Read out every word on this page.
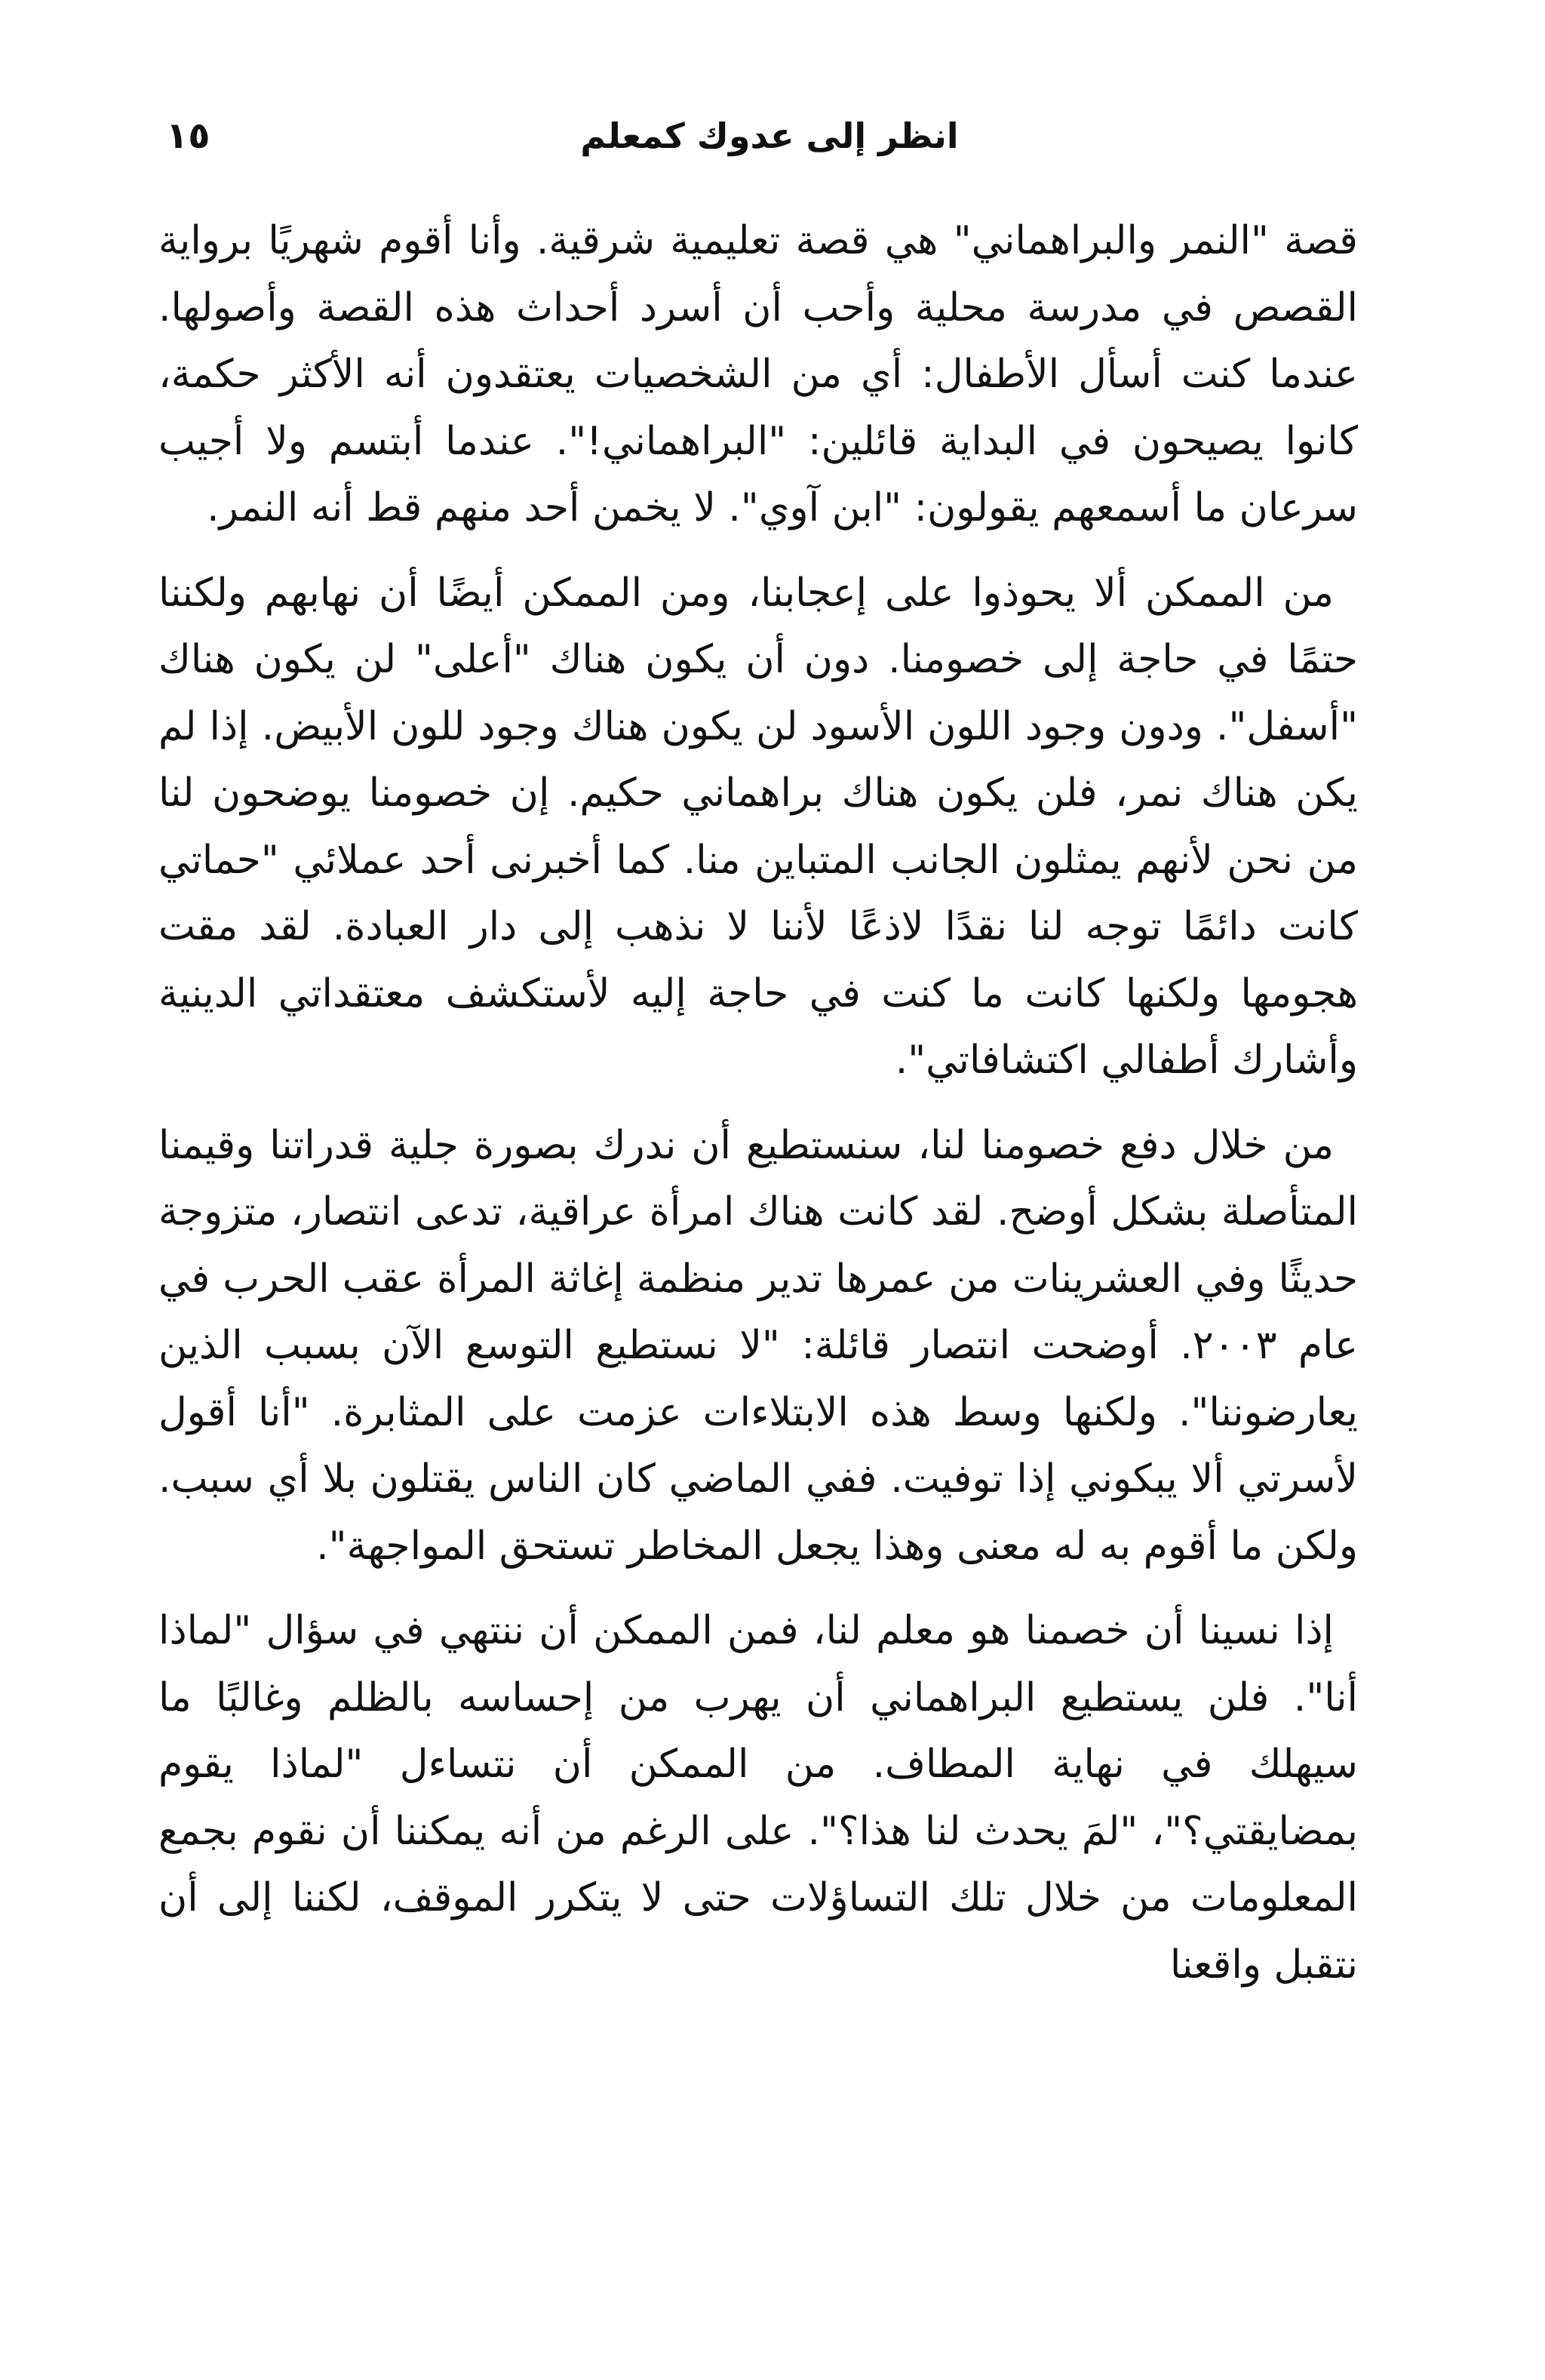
انظر إلى عدوك كمعلم
١٥

قصة "النمر والبراهماني" هي قصة تعليمية شرقية. وأنا أقوم شهريًا برواية القصص في مدرسة محلية وأحب أن أسرد أحداث هذه القصة وأصولها. عندما كنت أسأل الأطفال: أي من الشخصيات يعتقدون أنه الأكثر حكمة، كانوا يصيحون في البداية قائلين: "البراهماني!". عندما أبتسم ولا أجيب سرعان ما أسمعهم يقولون: "ابن آوي". لا يخمن أحد منهم قط أنه النمر.

من الممكن ألا يحوذوا على إعجابنا، ومن الممكن أيضًا أن نهابهم ولكننا حتمًا في حاجة إلى خصومنا. دون أن يكون هناك "أعلى" لن يكون هناك "أسفل". ودون وجود اللون الأسود لن يكون هناك وجود للون الأبيض. إذا لم يكن هناك نمر، فلن يكون هناك براهماني حكيم. إن خصومنا يوضحون لنا من نحن لأنهم يمثلون الجانب المتباين منا. كما أخبرنى أحد عملائي "حماتي كانت دائمًا توجه لنا نقدًا لاذعًا لأننا لا نذهب إلى دار العبادة. لقد مقت هجومها ولكنها كانت ما كنت في حاجة إليه لأستكشف معتقداتي الدينية وأشارك أطفالي اكتشافاتي".

من خلال دفع خصومنا لنا، سنستطيع أن ندرك بصورة جلية قدراتنا وقيمنا المتأصلة بشكل أوضح. لقد كانت هناك امرأة عراقية، تدعى انتصار، متزوجة حديثًا وفي العشرينات من عمرها تدير منظمة إغاثة المرأة عقب الحرب في عام ٢٠٠٣. أوضحت انتصار قائلة: "لا نستطيع التوسع الآن بسبب الذين يعارضوننا". ولكنها وسط هذه الابتلاءات عزمت على المثابرة. "أنا أقول لأسرتي ألا يبكوني إذا توفيت. ففي الماضي كان الناس يقتلون بلا أي سبب. ولكن ما أقوم به له معنى وهذا يجعل المخاطر تستحق المواجهة".

إذا نسينا أن خصمنا هو معلم لنا، فمن الممكن أن ننتهي في سؤال "لماذا أنا". فلن يستطيع البراهماني أن يهرب من إحساسه بالظلم وغالبًا ما سيهلك في نهاية المطاف. من الممكن أن نتساءل "لماذا يقوم بمضايقتي؟"، "لمَ يحدث لنا هذا؟". على الرغم من أنه يمكننا أن نقوم بجمع المعلومات من خلال تلك التساؤلات حتى لا يتكرر الموقف، لكننا إلى أن نتقبل واقعنا
